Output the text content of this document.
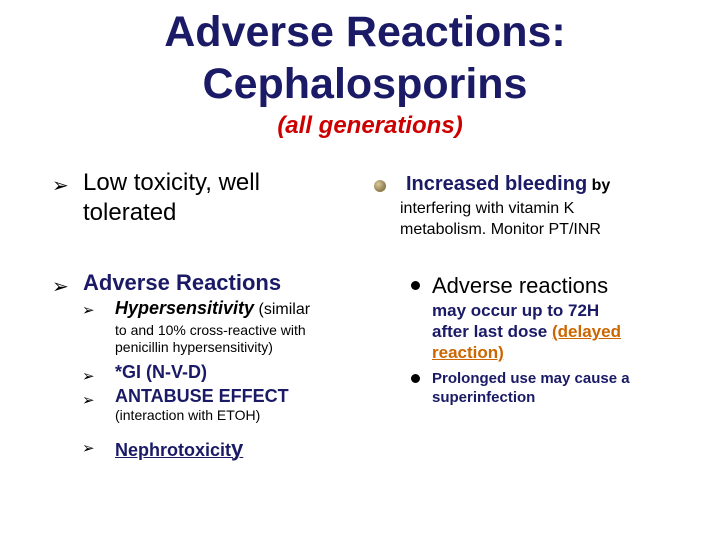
Adverse Reactions:
Cephalosporins
(all generations)
➢ Low toxicity, well
tolerated
➢ Adverse Reactions
➢ Hypersensitivity (similar
to and 10% cross-reactive with
penicillin hypersensitivity)
➢ *GI (N-V-D)
➢ ANTABUSE EFFECT
(interaction with ETOH)
➢ Nephrotoxicity
Increased bleeding by
interfering with vitamin K
metabolism. Monitor PT/INR
Adverse reactions
may occur up to 72H
after last dose (delayed
reaction)
Prolonged use may cause a
superinfection
